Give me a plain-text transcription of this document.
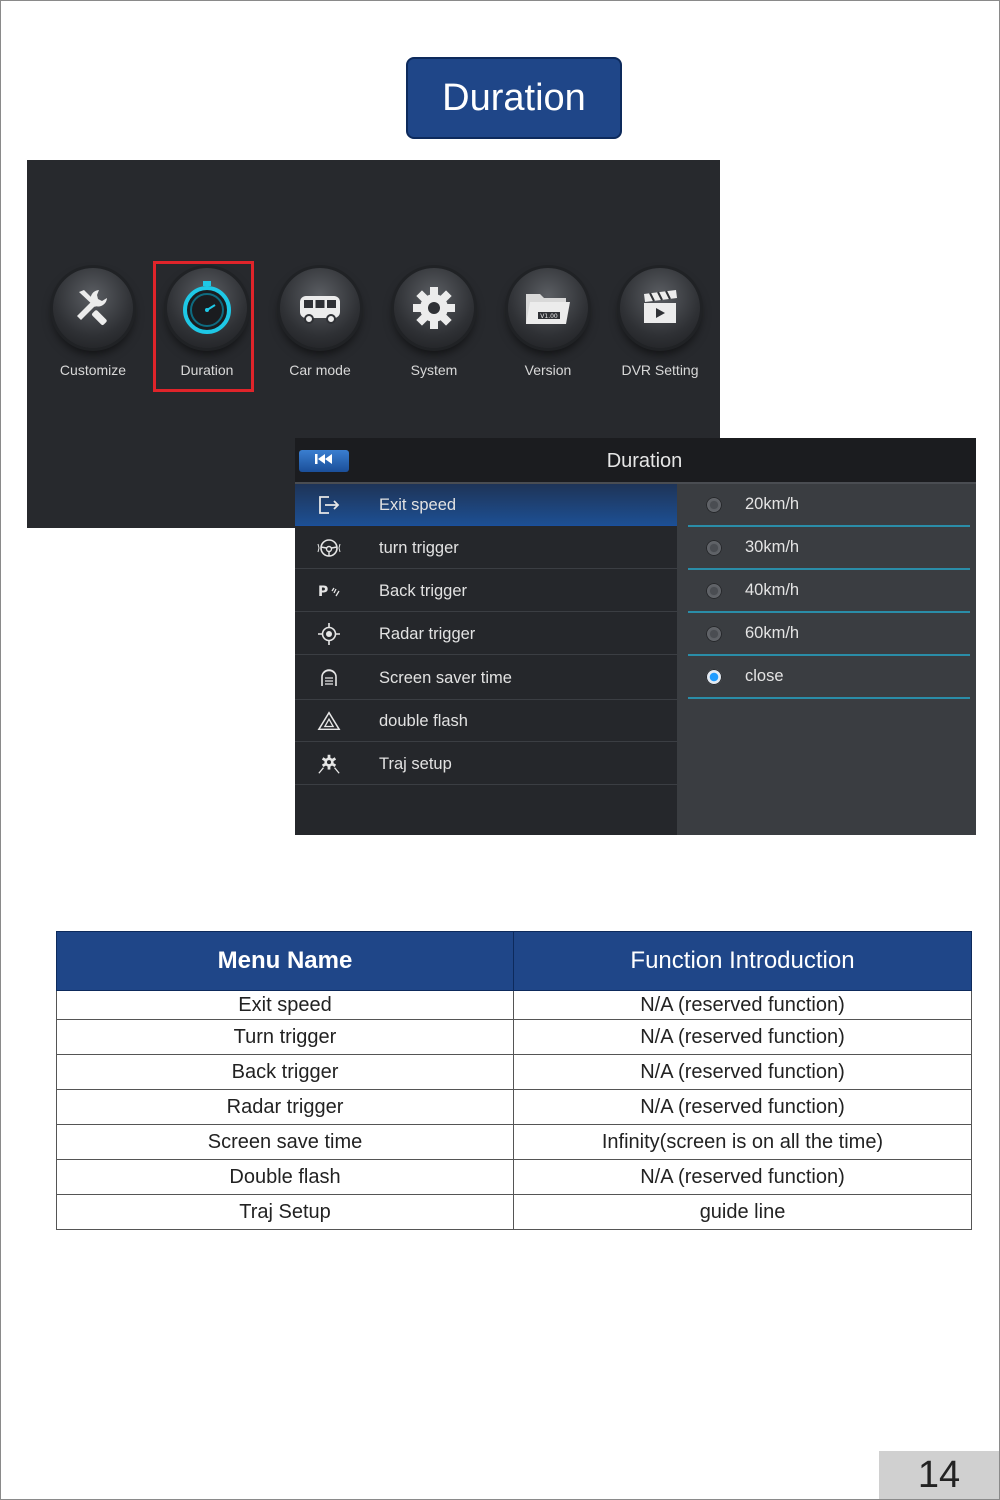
Duration
Customize	Duration	Car mode	System
V1.00
Version	DVR Setting
Duration
Exit speed
turn trigger
P	Back trigger
Radar trigger
Screen saver time
double flash
Traj setup
20km/h
30km/h
40km/h
60km/h
close
Menu Name	Function Introduction
Exit speed	N/A (reserved function)
Turn trigger	N/A (reserved function)
Back trigger	N/A (reserved function)
Radar trigger	N/A (reserved function)
Screen save time	Infinity(screen is on all the time)
Double flash	N/A (reserved function)
Traj Setup	guide line
14
